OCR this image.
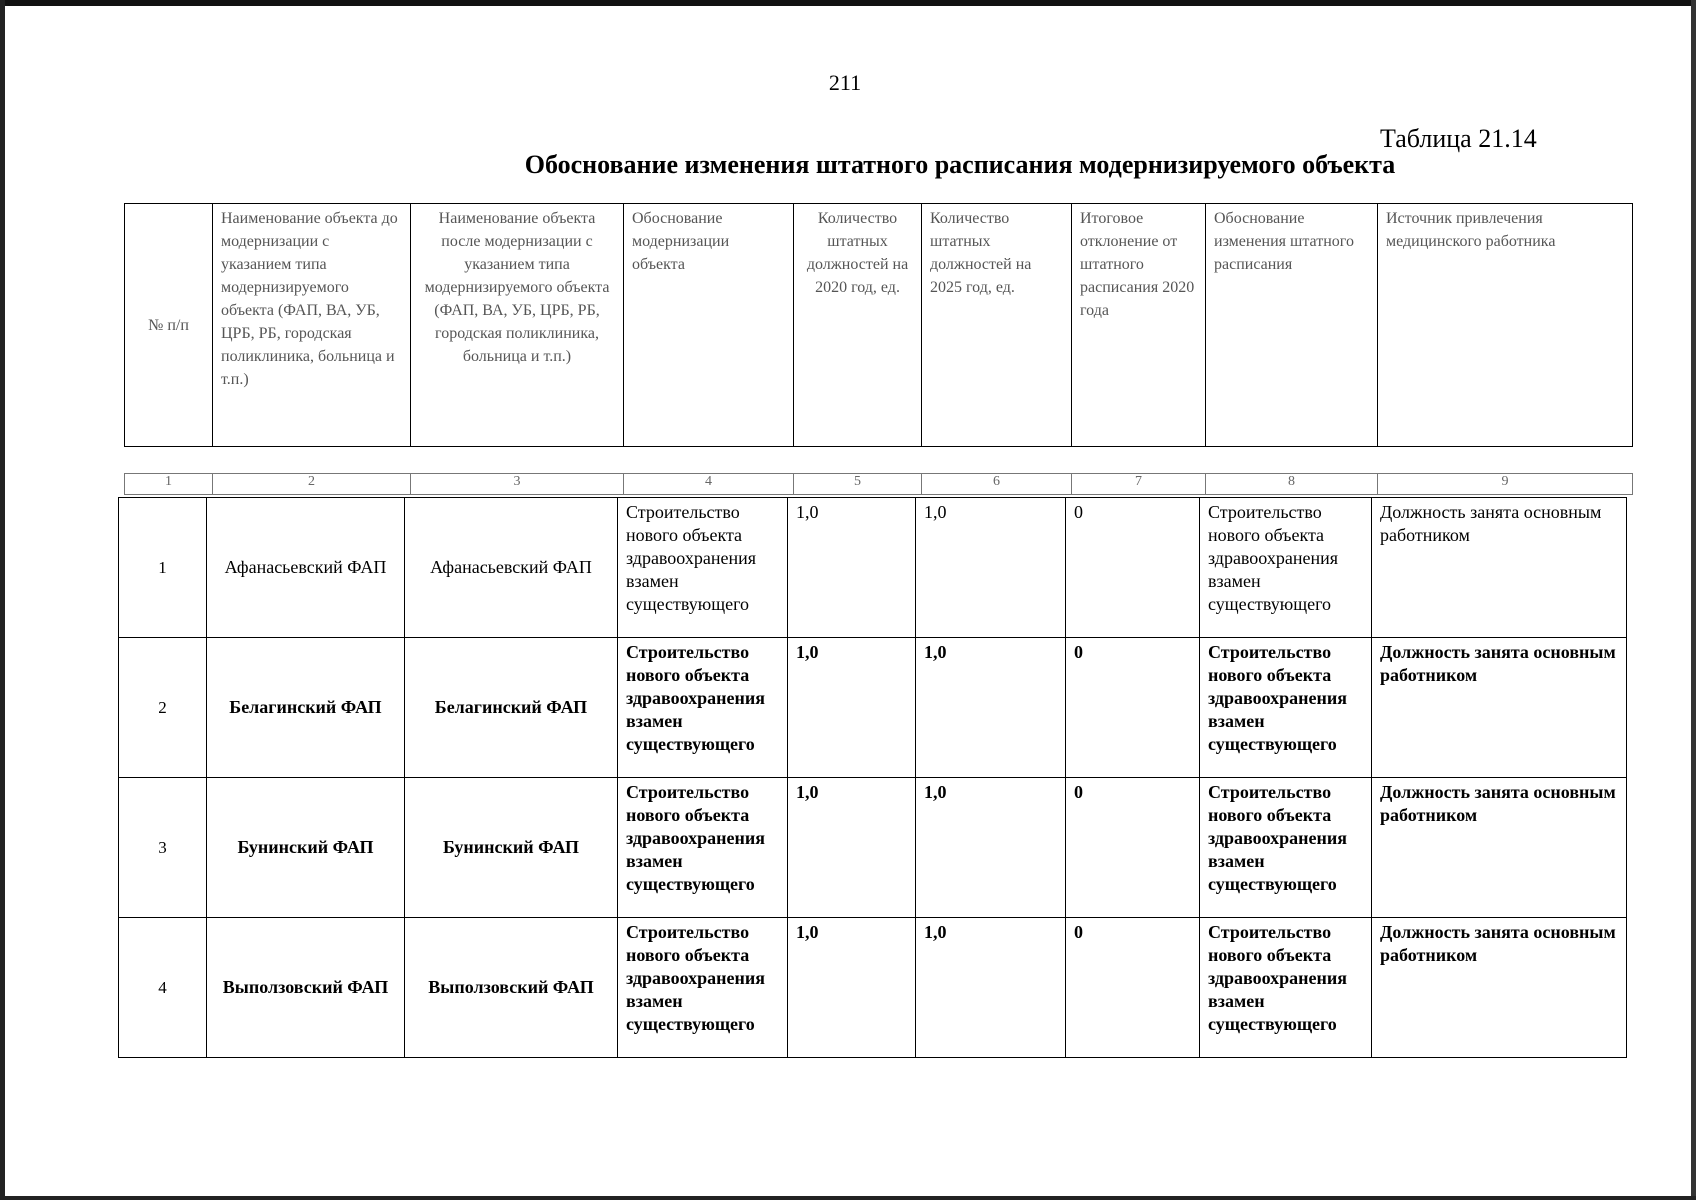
211
Таблица 21.14
Обоснование изменения штатного расписания модернизируемого объекта
№ п/п	Наименование объекта до модернизации с указанием типа модернизируемого объекта (ФАП, ВА, УБ, ЦРБ, РБ, городская поликлиника, больница и т.п.)	Наименование объекта после модернизации с указанием типа модернизируемого объекта (ФАП, ВА, УБ, ЦРБ, РБ, городская поликлиника, больница и т.п.)	Обоснование модернизации объекта	Количество штатных должностей на 2020 год, ед.	Количество штатных должностей на 2025 год, ед.	Итоговое отклонение от штатного расписания 2020 года	Обоснование изменения штатного расписания	Источник привлечения медицинского работника
1	2	3	4	5	6	7	8	9
1	Афанасьевский ФАП	Афанасьевский ФАП	Строительство нового объекта здравоохранения взамен существующего	1,0	1,0	0	Строительство нового объекта здравоохранения взамен существующего	Должность занята основным работником
2	Белагинский ФАП	Белагинский ФАП	Строительство нового объекта здравоохранения взамен существующего	1,0	1,0	0	Строительство нового объекта здравоохранения взамен существующего	Должность занята основным работником
3	Бунинский ФАП	Бунинский ФАП	Строительство нового объекта здравоохранения взамен существующего	1,0	1,0	0	Строительство нового объекта здравоохранения взамен существующего	Должность занята основным работником
4	Выползовский ФАП	Выползовский ФАП	Строительство нового объекта здравоохранения взамен существующего	1,0	1,0	0	Строительство нового объекта здравоохранения взамен существующего	Должность занята основным работником
